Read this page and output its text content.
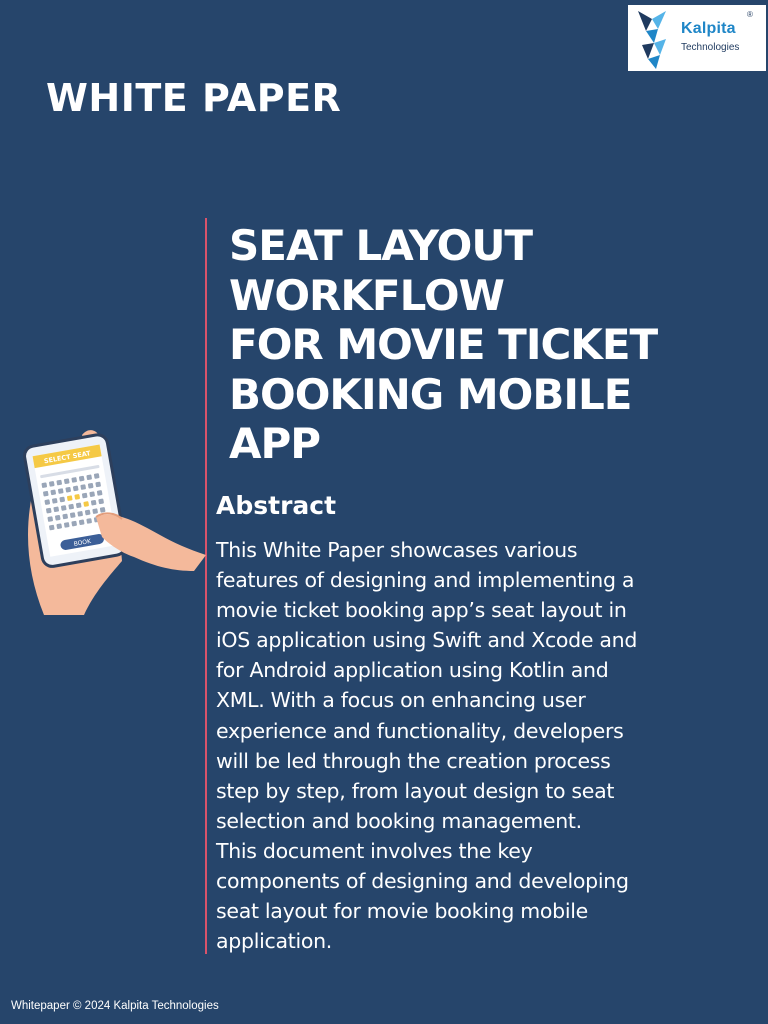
®
Kalpita
Technologies
WHITE PAPER
SEAT LAYOUT
WORKFLOW
FOR MOVIE TICKET
BOOKING MOBILE
APP
SELECT SEAT
BOOK
Abstract

This White Paper showcases various
features of designing and implementing a
movie ticket booking app’s seat layout in
iOS application using Swift and Xcode and
for Android application using Kotlin and
XML. With a focus on enhancing user
experience and functionality, developers
will be led through the creation process
step by step, from layout design to seat
selection and booking management.
This document involves the key
components of designing and developing
seat layout for movie booking mobile
application.

Whitepaper © 2024 Kalpita Technologies
